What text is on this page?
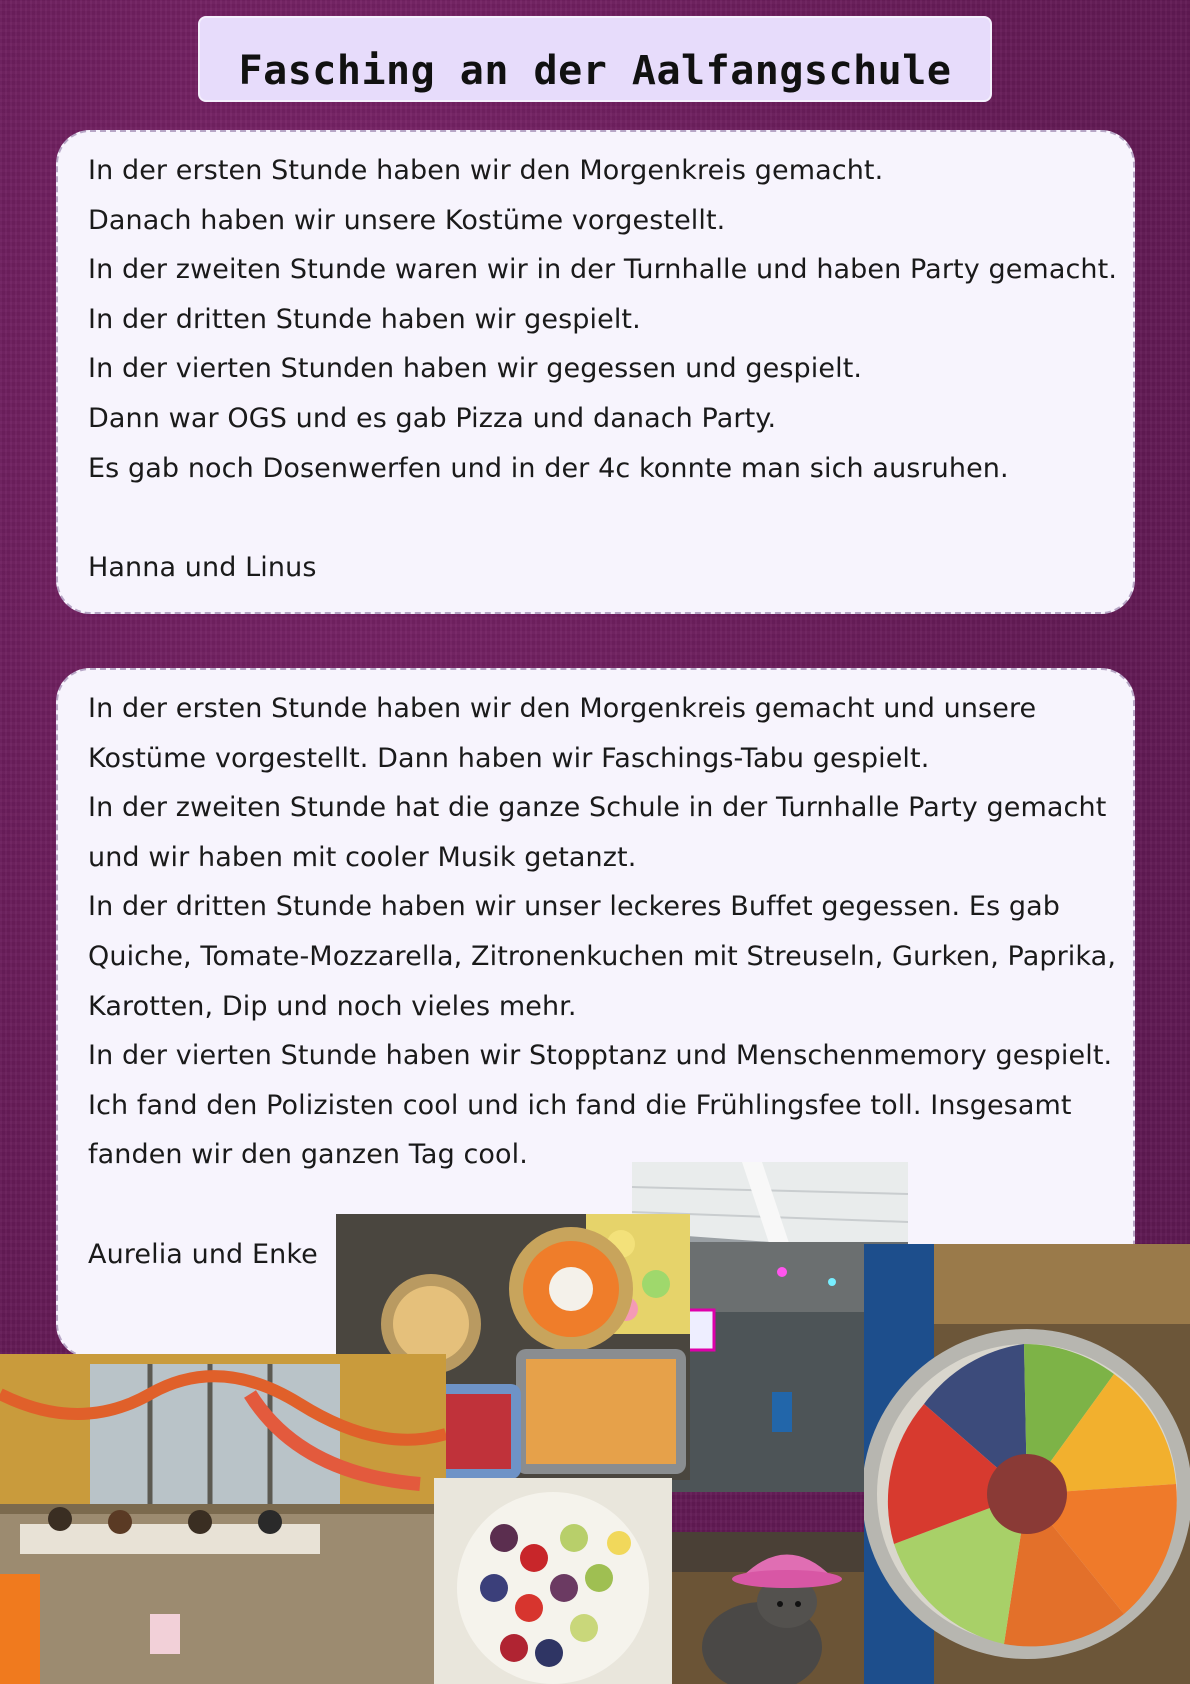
Fasching an der Aalfangschule
In der ersten Stunde haben wir den Morgenkreis gemacht.
Danach haben wir unsere Kostüme vorgestellt.
In der zweiten Stunde waren wir in der Turnhalle und haben Party gemacht.
In der dritten Stunde haben wir gespielt.
In der vierten Stunden haben wir gegessen und gespielt.
Dann war OGS und es gab Pizza und danach Party.
Es gab noch Dosenwerfen und in der 4c konnte man sich ausruhen.
Hanna und Linus
In der ersten Stunde haben wir den Morgenkreis gemacht und unsere
Kostüme vorgestellt. Dann haben wir Faschings-Tabu gespielt.
In der zweiten Stunde hat die ganze Schule in der Turnhalle Party gemacht
und wir haben mit cooler Musik getanzt.
In der dritten Stunde haben wir unser leckeres Buffet gegessen. Es gab
Quiche, Tomate-Mozzarella, Zitronenkuchen mit Streuseln, Gurken, Paprika,
Karotten, Dip und noch vieles mehr.
In der vierten Stunde haben wir Stopptanz und Menschenmemory gespielt.
Ich fand den Polizisten cool und ich fand die Frühlingsfee toll. Insgesamt
fanden wir den ganzen Tag cool.
Aurelia und Enke
